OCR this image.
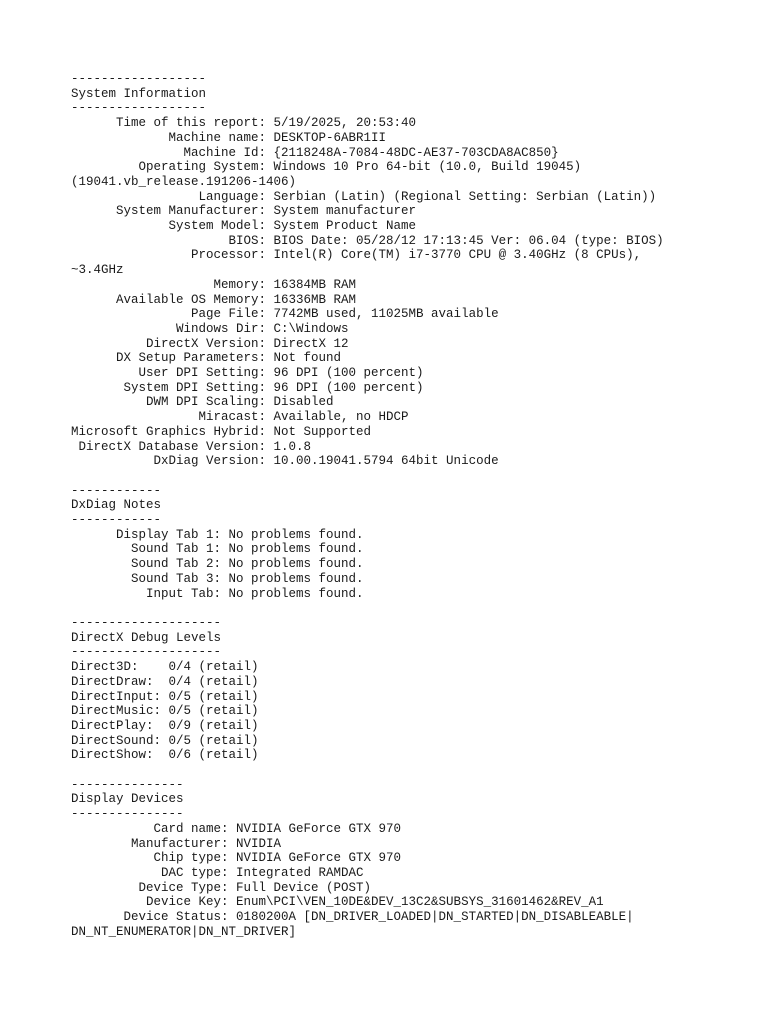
------------------
System Information
------------------
Time of this report: 5/19/2025, 20:53:40
Machine name: DESKTOP-6ABR1II
Machine Id: {2118248A-7084-48DC-AE37-703CDA8AC850}
Operating System: Windows 10 Pro 64-bit (10.0, Build 19045)
(19041.vb_release.191206-1406)
Language: Serbian (Latin) (Regional Setting: Serbian (Latin))
System Manufacturer: System manufacturer
System Model: System Product Name
BIOS: BIOS Date: 05/28/12 17:13:45 Ver: 06.04 (type: BIOS)
Processor: Intel(R) Core(TM) i7-3770 CPU @ 3.40GHz (8 CPUs),
~3.4GHz
Memory: 16384MB RAM
Available OS Memory: 16336MB RAM
Page File: 7742MB used, 11025MB available
Windows Dir: C:\Windows
DirectX Version: DirectX 12
DX Setup Parameters: Not found
User DPI Setting: 96 DPI (100 percent)
System DPI Setting: 96 DPI (100 percent)
DWM DPI Scaling: Disabled
Miracast: Available, no HDCP
Microsoft Graphics Hybrid: Not Supported
DirectX Database Version: 1.0.8
DxDiag Version: 10.00.19041.5794 64bit Unicode
------------
DxDiag Notes
------------
Display Tab 1: No problems found.
Sound Tab 1: No problems found.
Sound Tab 2: No problems found.
Sound Tab 3: No problems found.
Input Tab: No problems found.
--------------------
DirectX Debug Levels
--------------------
Direct3D:    0/4 (retail)
DirectDraw:  0/4 (retail)
DirectInput: 0/5 (retail)
DirectMusic: 0/5 (retail)
DirectPlay:  0/9 (retail)
DirectSound: 0/5 (retail)
DirectShow:  0/6 (retail)
---------------
Display Devices
---------------
Card name: NVIDIA GeForce GTX 970
Manufacturer: NVIDIA
Chip type: NVIDIA GeForce GTX 970
DAC type: Integrated RAMDAC
Device Type: Full Device (POST)
Device Key: Enum\PCI\VEN_10DE&DEV_13C2&SUBSYS_31601462&REV_A1
Device Status: 0180200A [DN_DRIVER_LOADED|DN_STARTED|DN_DISABLEABLE|
DN_NT_ENUMERATOR|DN_NT_DRIVER]
